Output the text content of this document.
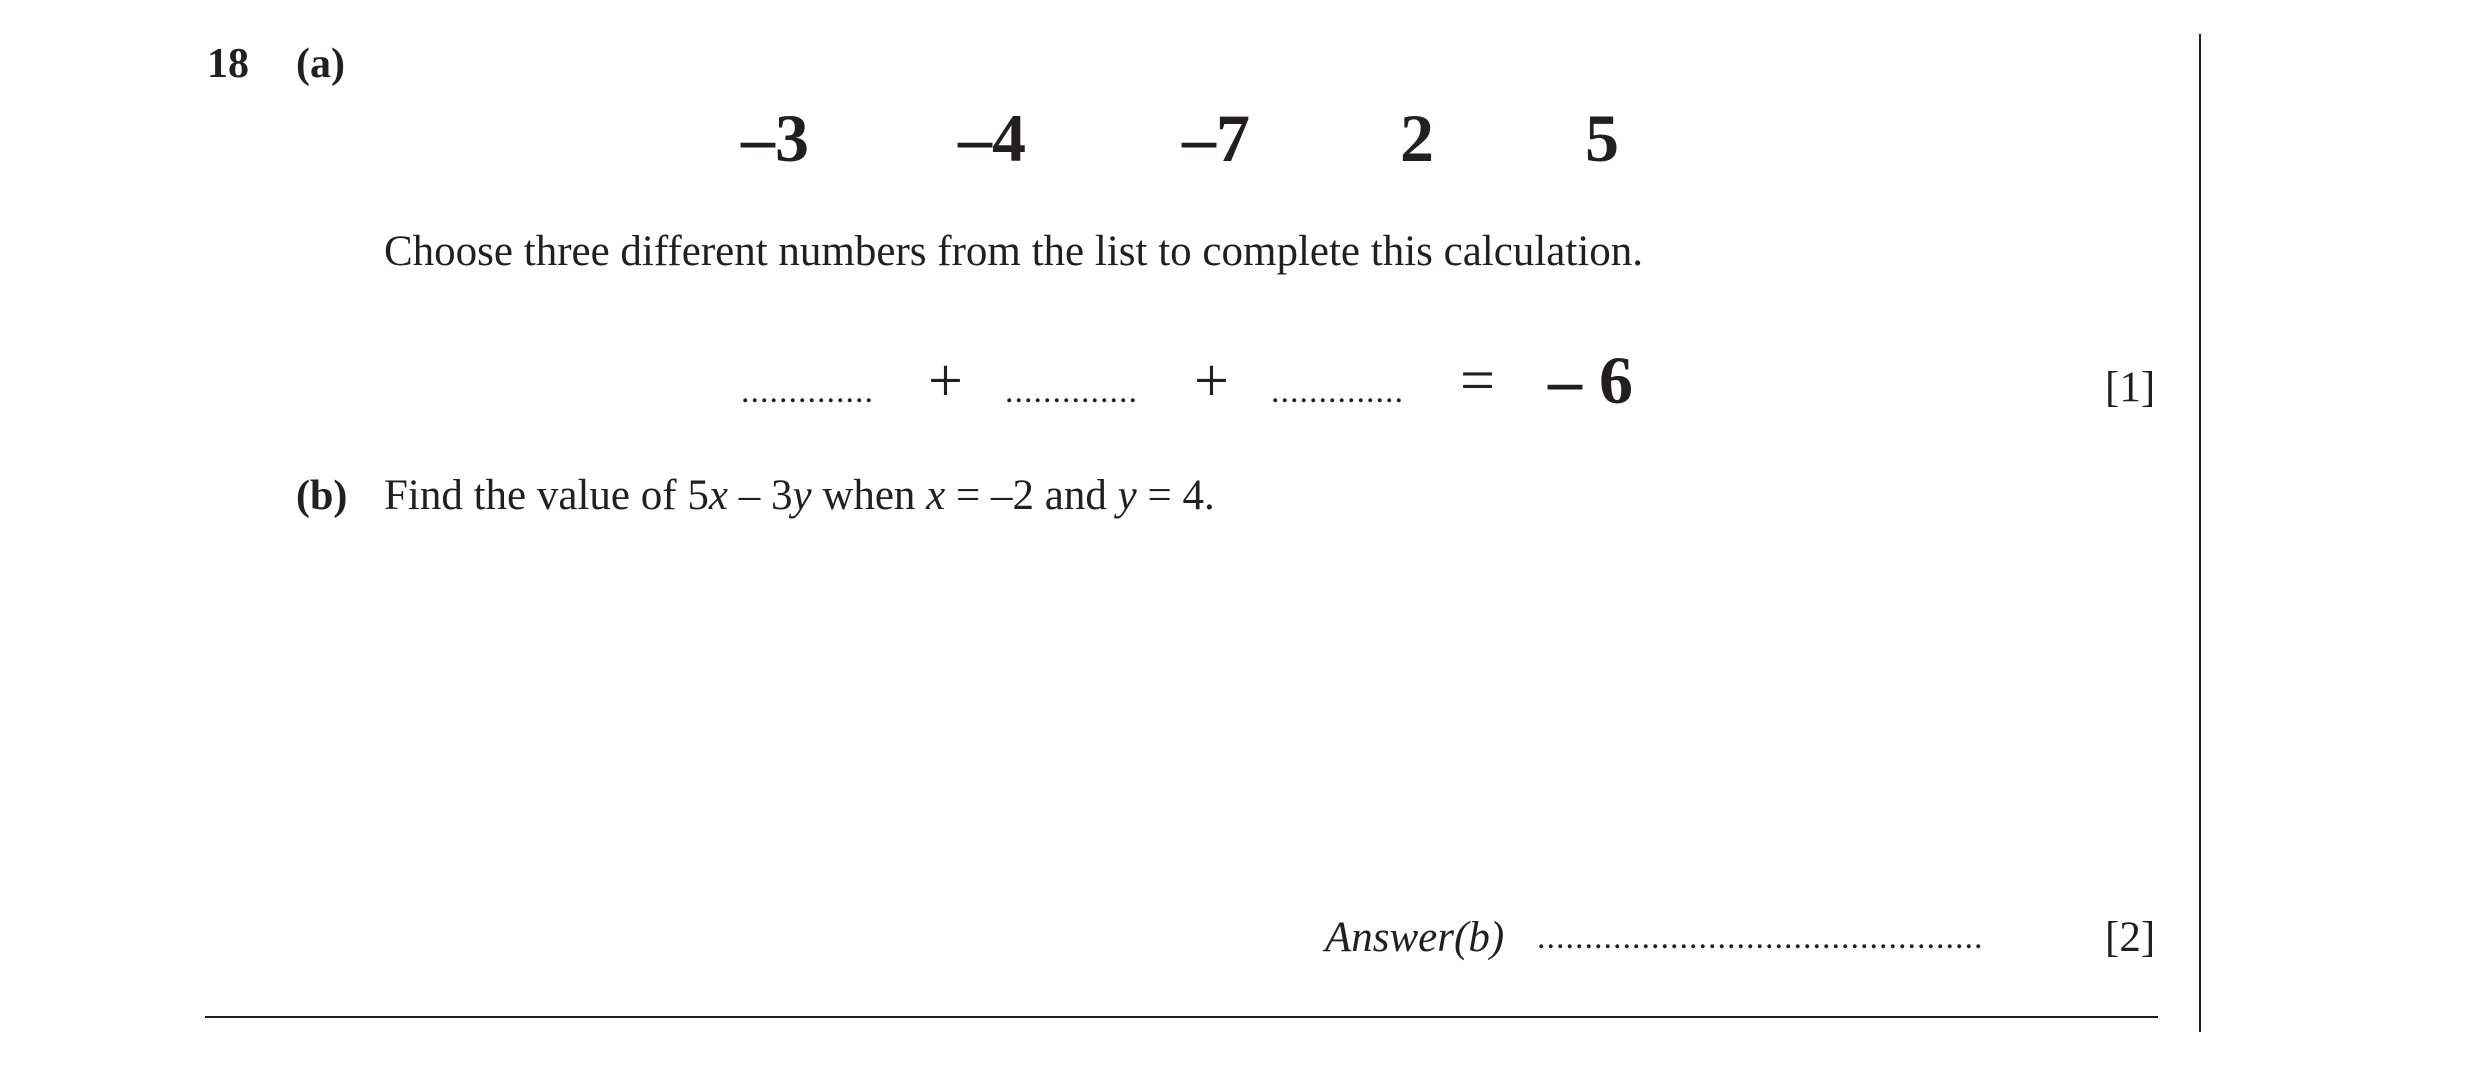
18 (a)
–3 –4 –7 2 5
Choose three different numbers from the list to complete this calculation.
.............. + .............. + .............. = – 6	[1]
(b) Find the value of 5x – 3y when x = –2 and y = 4.
Answer(b) ...............................................	[2]
